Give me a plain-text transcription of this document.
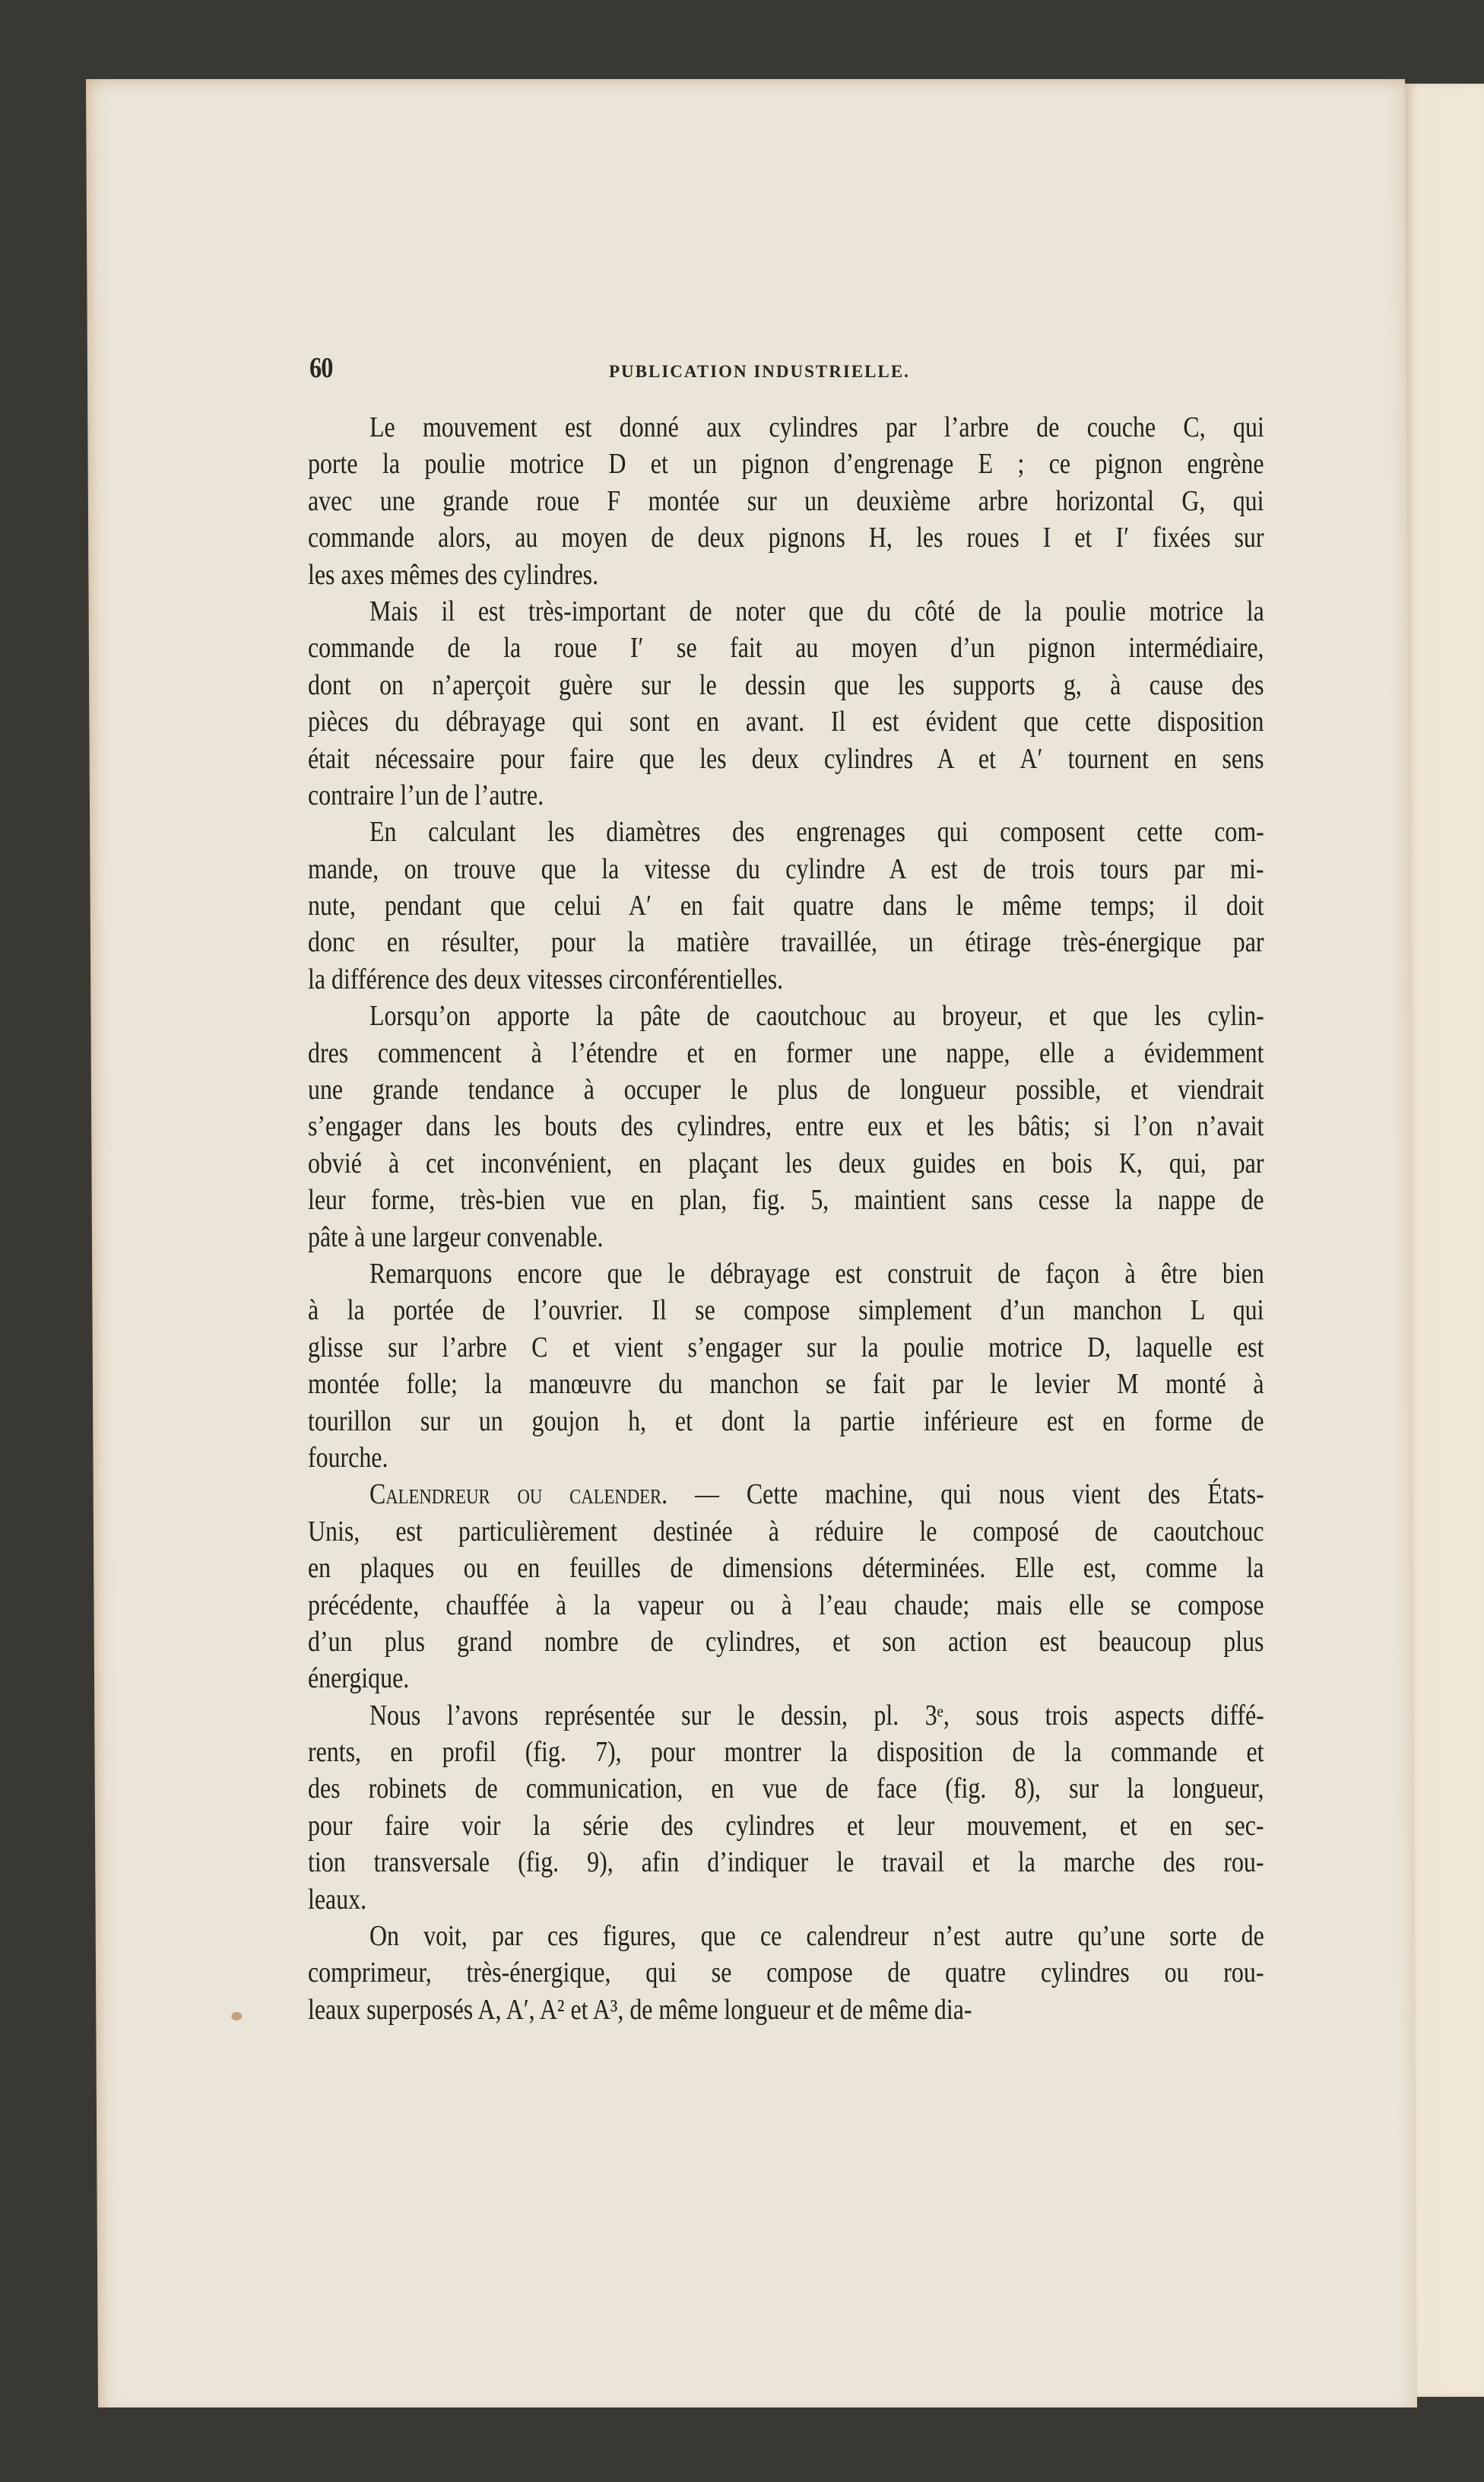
60	PUBLICATION INDUSTRIELLE.
Le mouvement est donné aux cylindres par l’arbre de couche C, qui
porte la poulie motrice D et un pignon d’engrenage E ; ce pignon engrène
avec une grande roue F montée sur un deuxième arbre horizontal G, qui
commande alors, au moyen de deux pignons H, les roues I et I′ fixées sur
les axes mêmes des cylindres.
Mais il est très-important de noter que du côté de la poulie motrice la
commande de la roue I′ se fait au moyen d’un pignon intermédiaire,
dont on n’aperçoit guère sur le dessin que les supports g, à cause des
pièces du débrayage qui sont en avant. Il est évident que cette disposition
était nécessaire pour faire que les deux cylindres A et A′ tournent en sens
contraire l’un de l’autre.
En calculant les diamètres des engrenages qui composent cette com-
mande, on trouve que la vitesse du cylindre A est de trois tours par mi-
nute, pendant que celui A′ en fait quatre dans le même temps; il doit
donc en résulter, pour la matière travaillée, un étirage très-énergique par
la différence des deux vitesses circonférentielles.
Lorsqu’on apporte la pâte de caoutchouc au broyeur, et que les cylin-
dres commencent à l’étendre et en former une nappe, elle a évidemment
une grande tendance à occuper le plus de longueur possible, et viendrait
s’engager dans les bouts des cylindres, entre eux et les bâtis; si l’on n’avait
obvié à cet inconvénient, en plaçant les deux guides en bois K, qui, par
leur forme, très-bien vue en plan, fig. 5, maintient sans cesse la nappe de
pâte à une largeur convenable.
Remarquons encore que le débrayage est construit de façon à être bien
à la portée de l’ouvrier. Il se compose simplement d’un manchon L qui
glisse sur l’arbre C et vient s’engager sur la poulie motrice D, laquelle est
montée folle; la manœuvre du manchon se fait par le levier M monté à
tourillon sur un goujon h, et dont la partie inférieure est en forme de
fourche.
Calendreur ou calender. — Cette machine, qui nous vient des États-
Unis, est particulièrement destinée à réduire le composé de caoutchouc
en plaques ou en feuilles de dimensions déterminées. Elle est, comme la
précédente, chauffée à la vapeur ou à l’eau chaude; mais elle se compose
d’un plus grand nombre de cylindres, et son action est beaucoup plus
énergique.
Nous l’avons représentée sur le dessin, pl. 3ᵉ, sous trois aspects diffé-
rents, en profil (fig. 7), pour montrer la disposition de la commande et
des robinets de communication, en vue de face (fig. 8), sur la longueur,
pour faire voir la série des cylindres et leur mouvement, et en sec-
tion transversale (fig. 9), afin d’indiquer le travail et la marche des rou-
leaux.
On voit, par ces figures, que ce calendreur n’est autre qu’une sorte de
comprimeur, très-énergique, qui se compose de quatre cylindres ou rou-
leaux superposés A, A′, A² et A³, de même longueur et de même dia-
